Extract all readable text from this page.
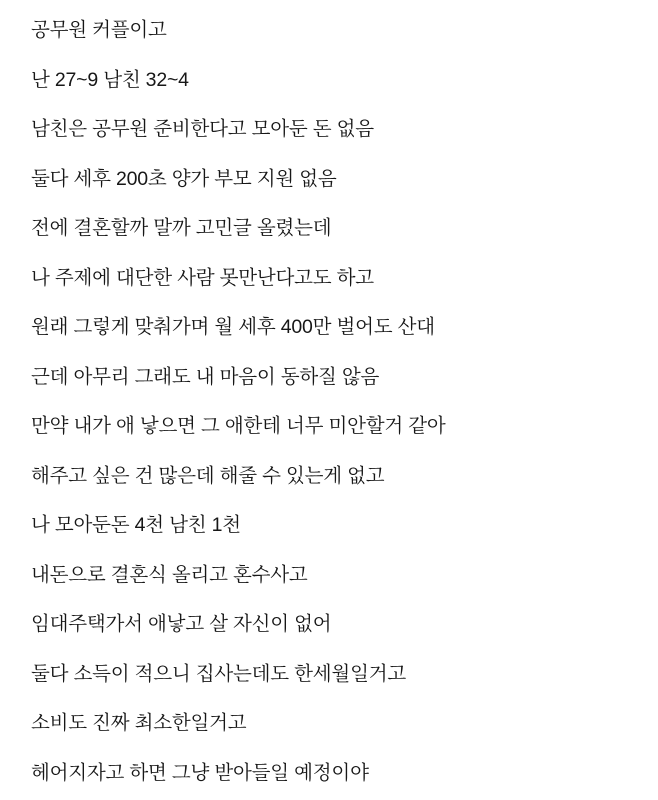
공무원 커플이고
난 27~9 남친 32~4
남친은 공무원 준비한다고 모아둔 돈 없음
둘다 세후 200초 양가 부모 지원 없음
전에 결혼할까 말까 고민글 올렸는데
나 주제에 대단한 사람 못만난다고도 하고
원래 그렇게 맞춰가며 월 세후 400만 벌어도 산대
근데 아무리 그래도 내 마음이 동하질 않음
만약 내가 애 낳으면 그 애한테 너무 미안할거 같아
해주고 싶은 건 많은데 해줄 수 있는게 없고
나 모아둔돈 4천 남친 1천
내돈으로 결혼식 올리고 혼수사고
임대주택가서 애낳고 살 자신이 없어
둘다 소득이 적으니 집사는데도 한세월일거고
소비도 진짜 최소한일거고
헤어지자고 하면 그냥 받아들일 예정이야
